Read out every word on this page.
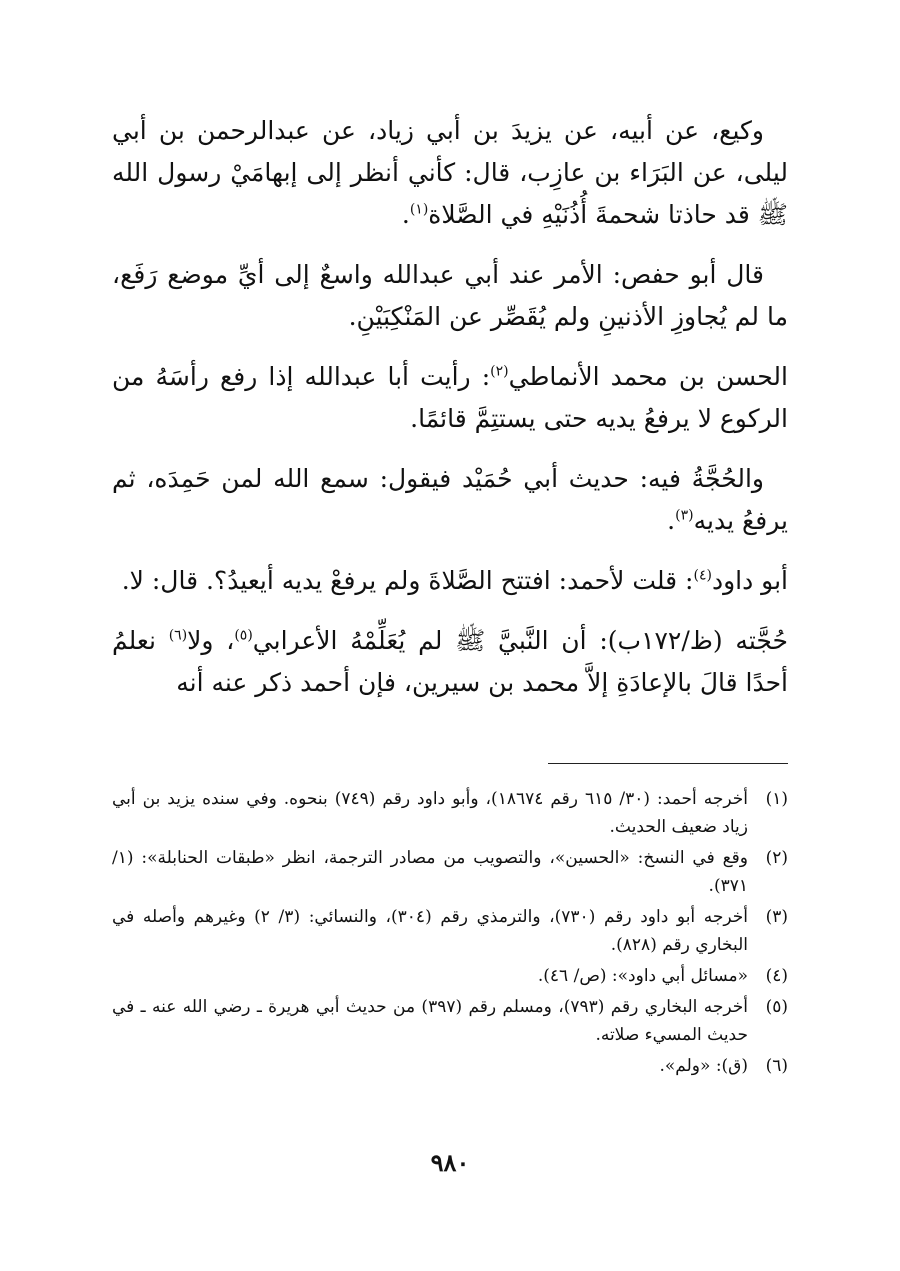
وكيع، عن أبيه، عن يزيدَ بن أبي زياد، عن عبدالرحمن بن أبي ليلى، عن البَرَاء بن عازِب، قال: كأني أنظر إلى إبهامَيْ رسول الله ﷺ قد حاذتا شحمةَ أُذُنَيْهِ في الصَّلاة$^{(١)}$.

قال أبو حفص: الأمر عند أبي عبدالله واسعٌ إلى أيِّ موضع رَفَع، ما لم يُجاوزِ الأذنينِ ولم يُقَصِّر عن المَنْكِبَيْنِ.

الحسن بن محمد الأنماطي$^{(٢)}$: رأيت أبا عبدالله إذا رفع رأسَهُ من الركوع لا يرفعُ يديه حتى يستتِمَّ قائمًا.

والحُجَّةُ فيه: حديث أبي حُمَيْد فيقول: سمع الله لمن حَمِدَه، ثم يرفعُ يديه$^{(٣)}$.

أبو داود$^{(٤)}$: قلت لأحمد: افتتح الصَّلاةَ ولم يرفعْ يديه أيعيدُ؟. قال: لا.

حُجَّته (ظ/١٧٢ب): أن النَّبيَّ ﷺ لم يُعَلِّمْهُ الأعرابي$^{(٥)}$، ولا$^{(٦)}$ نعلمُ أحدًا قالَ بالإعادَةِ إلاَّ محمد بن سيرين، فإن أحمد ذكر عنه أنه

(١)
أخرجه أحمد: (٣٠/ ٦١٥ رقم ١٨٦٧٤)، وأبو داود رقم (٧٤٩) بنحوه. وفي سنده يزيد بن أبي زياد ضعيف الحديث.
(٢)
وقع في النسخ: «الحسين»، والتصويب من مصادر الترجمة، انظر «طبقات الحنابلة»: (١/ ٣٧١).
(٣)
أخرجه أبو داود رقم (٧٣٠)، والترمذي رقم (٣٠٤)، والنسائي: (٣/ ٢) وغيرهم وأصله في البخاري رقم (٨٢٨).
(٤)
«مسائل أبي داود»: (ص/ ٤٦).
(٥)
أخرجه البخاري رقم (٧٩٣)، ومسلم رقم (٣٩٧) من حديث أبي هريرة ـ رضي الله عنه ـ في حديث المسيء صلاته.
(٦)
(ق): «ولم».
٩٨٠
